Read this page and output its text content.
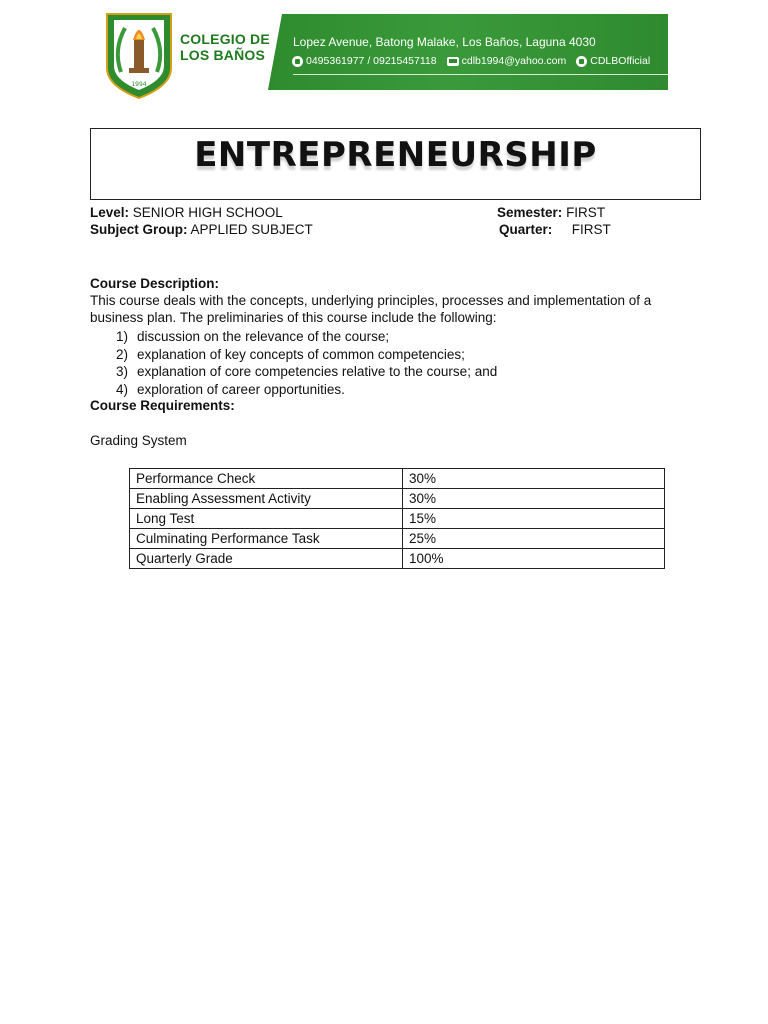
1994
COLEGIO DE
LOS BAÑOS
Lopez Avenue, Batong Malake, Los Baños, Laguna 4030
0495361977 / 09215457118 cdlb1994@yahoo.com CDLBOfficial
ENTREPRENEURSHIP
Level: SENIOR HIGH SCHOOL
Subject Group: APPLIED SUBJECT
Semester: FIRST
Quarter: FIRST
Course Description:
This course deals with the concepts, underlying principles, processes and implementation of a business plan. The preliminaries of this course include the following:
1) discussion on the relevance of the course;
2) explanation of key concepts of common competencies;
3) explanation of core competencies relative to the course; and
4) exploration of career opportunities.
Course Requirements:
Grading System
Performance Check	30%
Enabling Assessment Activity	30%
Long Test	15%
Culminating Performance Task	25%
Quarterly Grade	100%
